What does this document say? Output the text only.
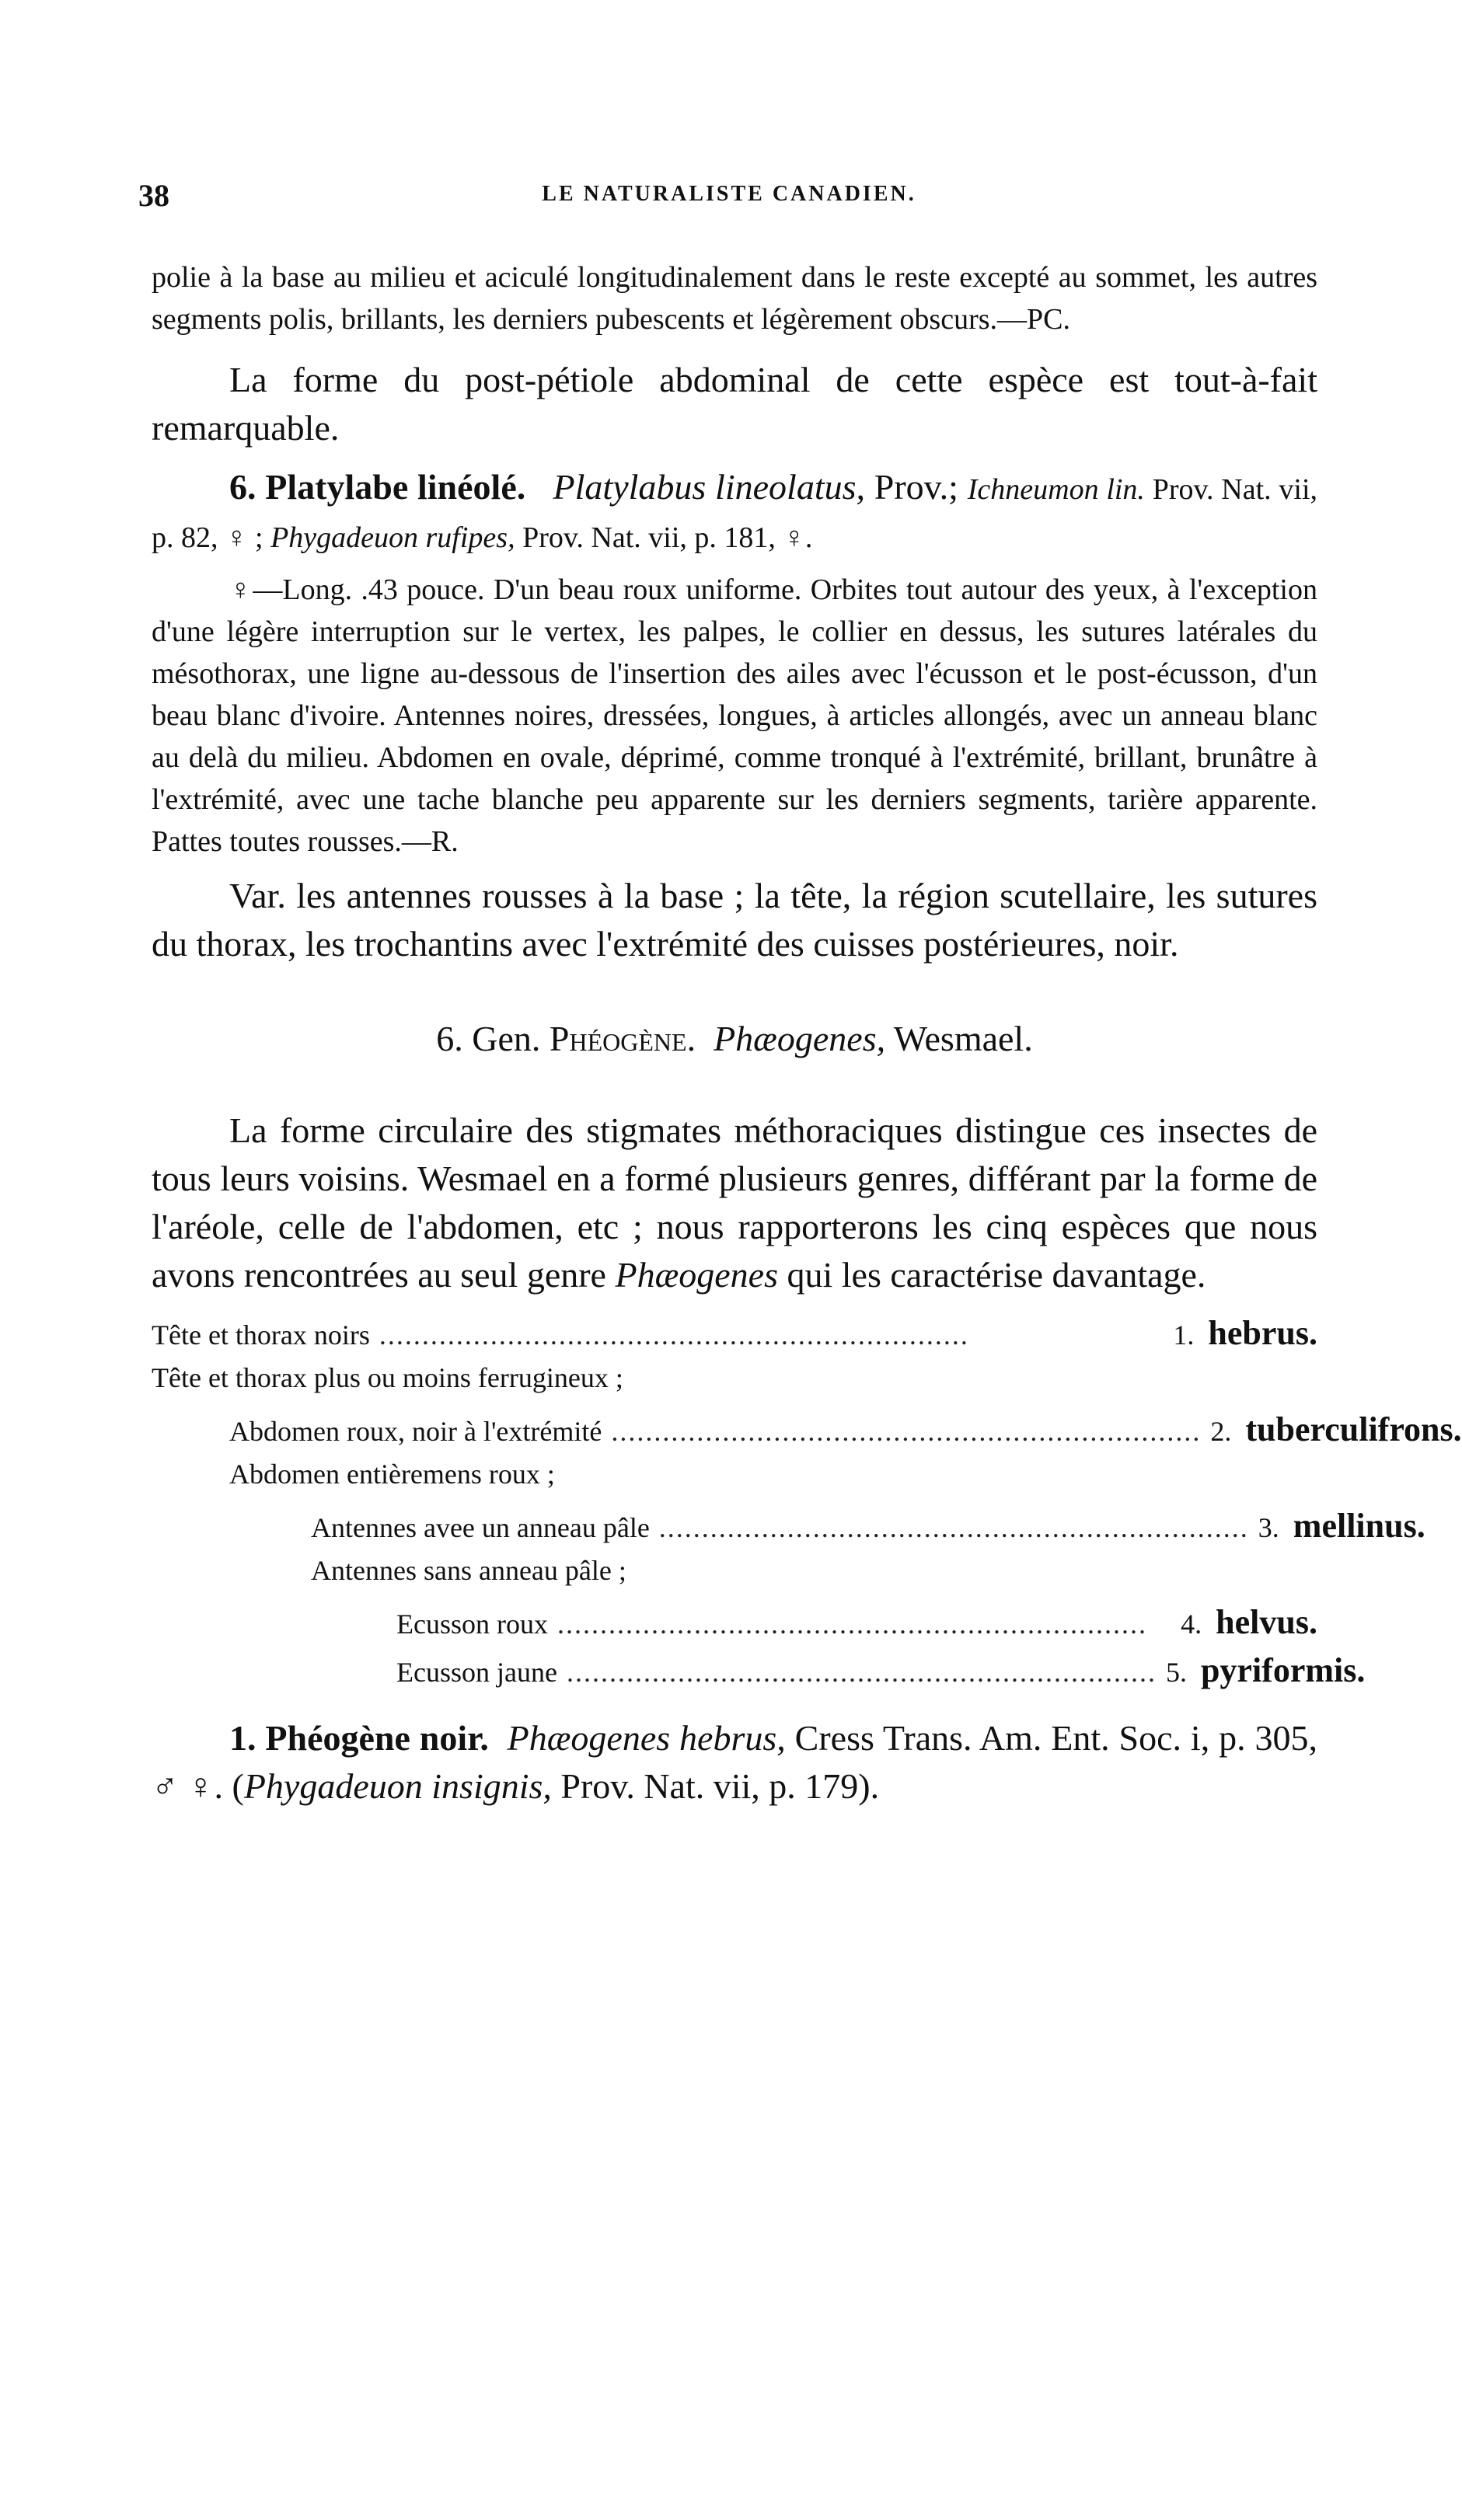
38	LE NATURALISTE CANADIEN.

polie à la base au milieu et aciculé longitudinalement dans le reste excepté au sommet, les autres segments polis, brillants, les derniers pubescents et légèrement obscurs.—PC.

La forme du post-pétiole abdominal de cette espèce est tout-à-fait remarquable.

6. Platylabe linéolé. Platylabus lineolatus, Prov.; Ichneumon lin. Prov. Nat. vii, p. 82, ♀ ; Phygadeuon rufipes, Prov. Nat. vii, p. 181, ♀.

♀—Long. .43 pouce. D'un beau roux uniforme. Orbites tout autour des yeux, à l'exception d'une légère interruption sur le vertex, les palpes, le collier en dessus, les sutures latérales du mésothorax, une ligne au-dessous de l'insertion des ailes avec l'écusson et le post-écusson, d'un beau blanc d'ivoire. Antennes noires, dressées, longues, à articles allongés, avec un anneau blanc au delà du milieu. Abdomen en ovale, déprimé, comme tronqué à l'extrémité, brillant, brunâtre à l'extrémité, avec une tache blanche peu apparente sur les derniers segments, tarière apparente. Pattes toutes rousses.—R.

Var. les antennes rousses à la base ; la tête, la région scutellaire, les sutures du thorax, les trochantins avec l'extrémité des cuisses postérieures, noir.

6. Gen. Phéogène. Phæogenes, Wesmael.

La forme circulaire des stigmates méthoraciques distingue ces insectes de tous leurs voisins. Wesmael en a formé plusieurs genres, différant par la forme de l'aréole, celle de l'abdomen, etc ; nous rapporterons les cinq espèces que nous avons rencontrées au seul genre Phæogenes qui les caractérise davantage.

Tête et thorax noirs .....................................................................	1. hebrus.
Tête et thorax plus ou moins ferrugineux ;
Abdomen roux, noir à l'extrémité ..................................................................... 2. tuberculifrons.
Abdomen entièremens roux ;
Antennes avee un anneau pâle ..................................................................... 3. mellinus.
Antennes sans anneau pâle ;
Ecusson roux .....................................................................	4. helvus.
Ecusson jaune ..................................................................... 5. pyriformis.

1. Phéogène noir. Phæogenes hebrus, Cress Trans. Am. Ent. Soc. i, p. 305, ♂ ♀. (Phygadeuon insignis, Prov. Nat. vii, p. 179).
